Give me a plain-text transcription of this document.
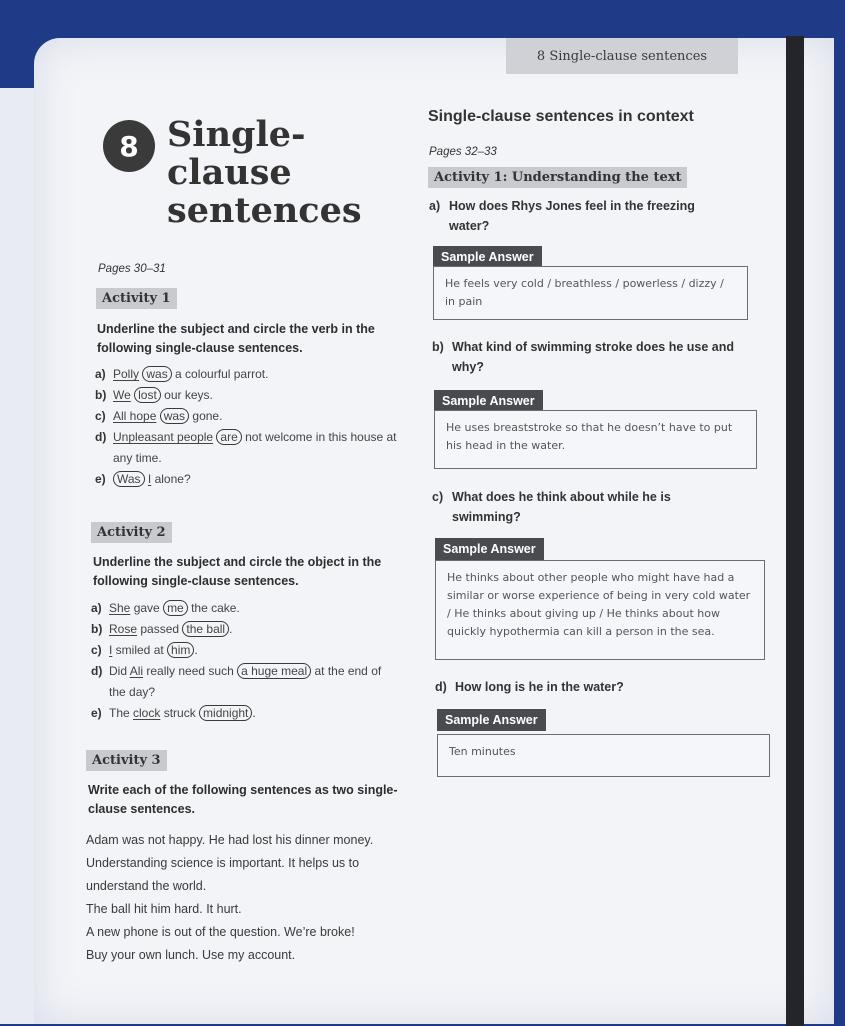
8 Single-clause sentences
8 Single-clause sentences
Pages 30–31
Activity 1
Underline the subject and circle the verb in the following single-clause sentences.
a) Polly was a colourful parrot.
b) We lost our keys.
c) All hope was gone.
d) Unpleasant people are not welcome in this house at
any time.
e) Was I alone?
Activity 2
Underline the subject and circle the object in the following single-clause sentences.
a) She gave me the cake.
b) Rose passed the ball .
c) I smiled at him .
d) Did Ali really need such a huge meal at the end of
the day?
e) The clock struck midnight .
Activity 3
Write each of the following sentences as two single-clause sentences.
Adam was not happy. He had lost his dinner money.
Understanding science is important. It helps us to
understand the world.
The ball hit him hard. It hurt.
A new phone is out of the question. We’re broke!
Buy your own lunch. Use my account.
Single-clause sentences in context
Pages 32–33
Activity 1: Understanding the text
a) How does Rhys Jones feel in the freezing water?
Sample Answer
He feels very cold / breathless / powerless / dizzy / in pain
b) What kind of swimming stroke does he use and why?
Sample Answer
He uses breaststroke so that he doesn’t have to put his head in the water.
c) What does he think about while he is swimming?
Sample Answer
He thinks about other people who might have had a similar or worse experience of being in very cold water / He thinks about giving up / He thinks about how quickly hypothermia can kill a person in the sea.
d) How long is he in the water?
Sample Answer
Ten minutes
